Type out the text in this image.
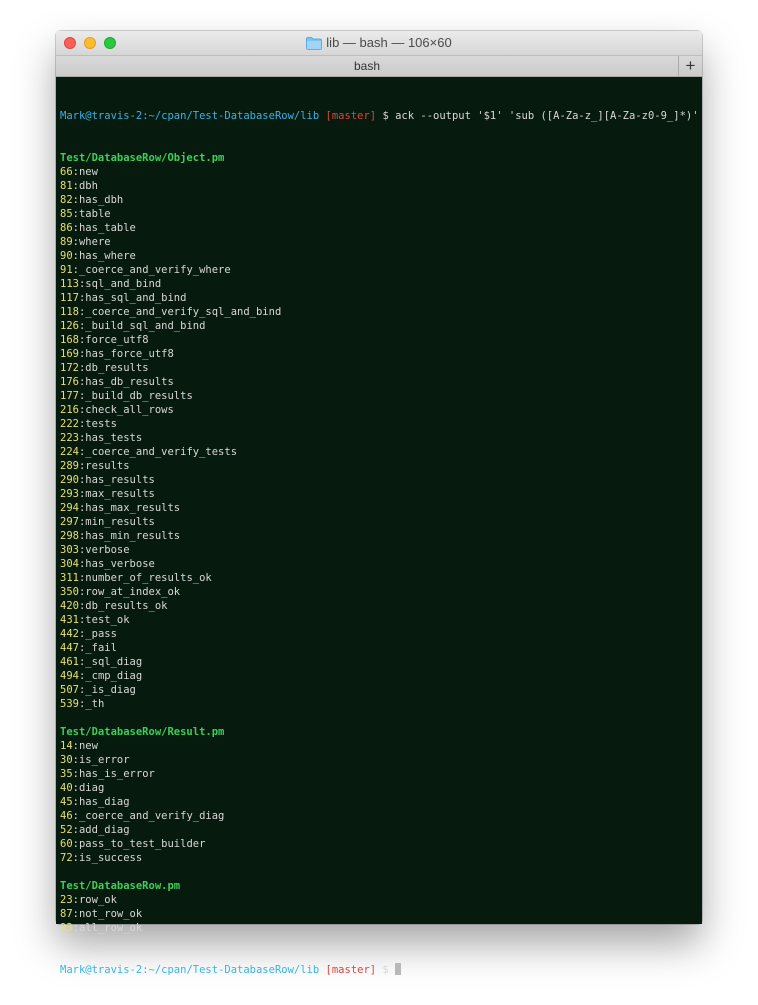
lib — bash — 106×60
bash	+

Mark@travis-2:~/cpan/Test-DatabaseRow/lib [master] $ ack --output '$1' 'sub ([A-Za-z_][A-Za-z0-9_]*)'

Test/DatabaseRow/Object.pm
66:new
81:dbh
82:has_dbh
85:table
86:has_table
89:where
90:has_where
91:_coerce_and_verify_where
113:sql_and_bind
117:has_sql_and_bind
118:_coerce_and_verify_sql_and_bind
126:_build_sql_and_bind
168:force_utf8
169:has_force_utf8
172:db_results
176:has_db_results
177:_build_db_results
216:check_all_rows
222:tests
223:has_tests
224:_coerce_and_verify_tests
289:results
290:has_results
293:max_results
294:has_max_results
297:min_results
298:has_min_results
303:verbose
304:has_verbose
311:number_of_results_ok
350:row_at_index_ok
420:db_results_ok
431:test_ok
442:_pass
447:_fail
461:_sql_diag
494:_cmp_diag
507:_is_diag
539:_th
Test/DatabaseRow/Result.pm
14:new
30:is_error
35:has_is_error
40:diag
45:has_diag
46:_coerce_and_verify_diag
52:add_diag
60:pass_to_test_builder
72:is_success
Test/DatabaseRow.pm
23:row_ok
87:not_row_ok
93:all_row_ok

Mark@travis-2:~/cpan/Test-DatabaseRow/lib [master] $
